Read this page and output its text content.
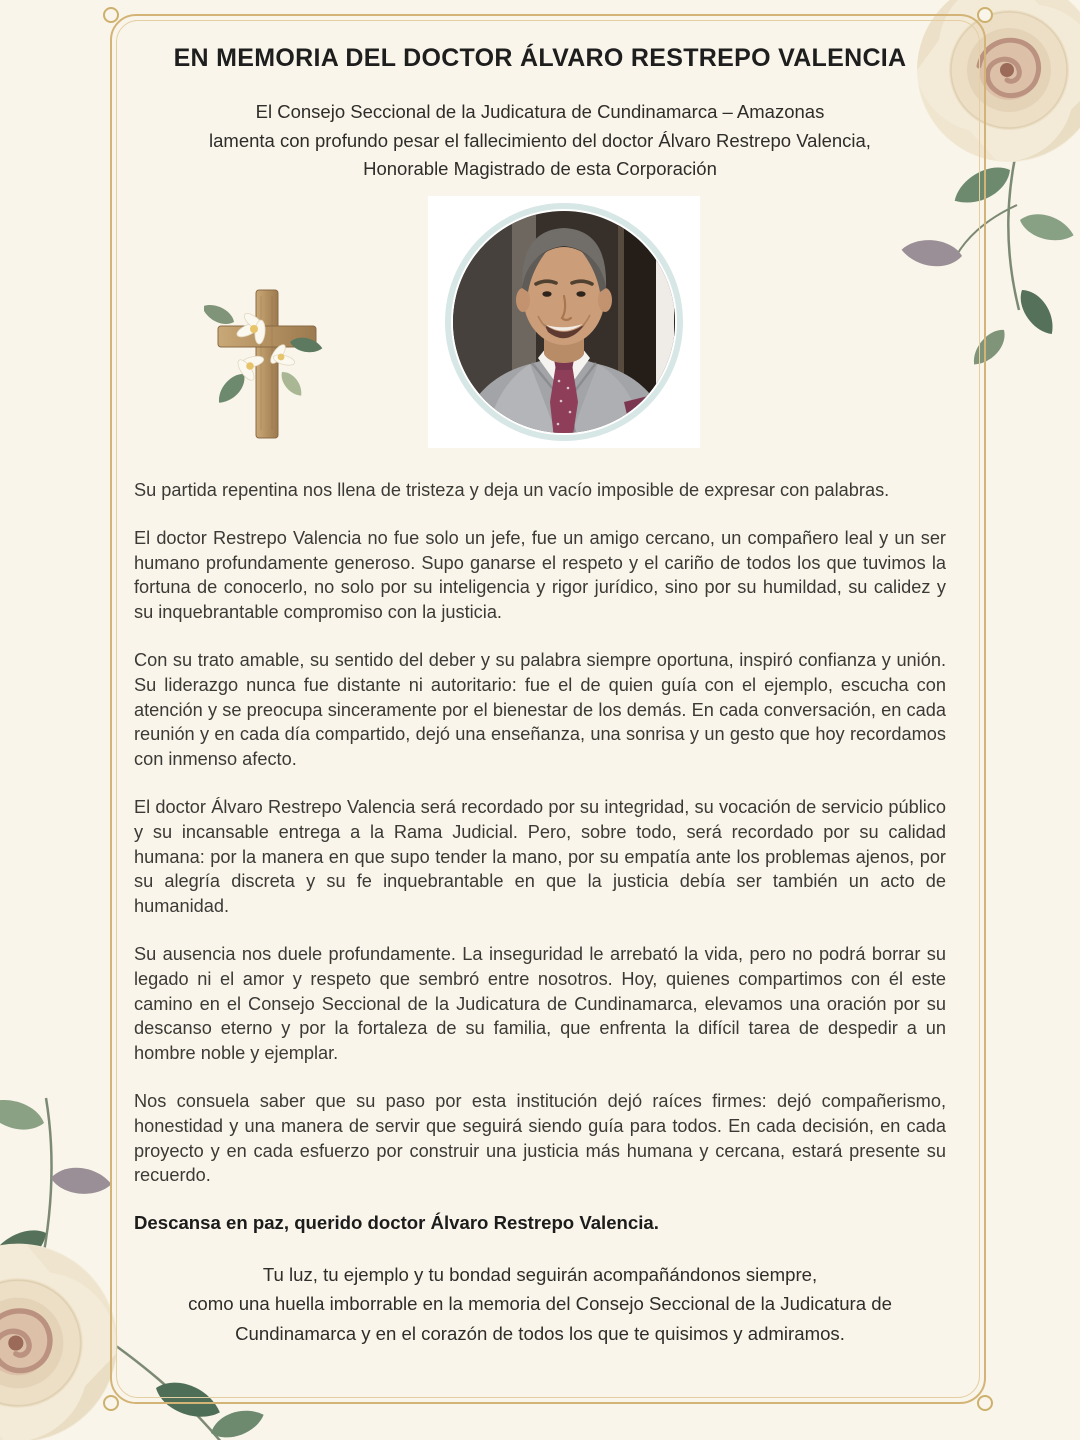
EN MEMORIA DEL DOCTOR ÁLVARO RESTREPO VALENCIA
El Consejo Seccional de la Judicatura de Cundinamarca – Amazonas
lamenta con profundo pesar el fallecimiento del doctor Álvaro Restrepo Valencia,
Honorable Magistrado de esta Corporación

Su partida repentina nos llena de tristeza y deja un vacío imposible de expresar con palabras.

El doctor Restrepo Valencia no fue solo un jefe, fue un amigo cercano, un compañero leal y un ser humano profundamente generoso. Supo ganarse el respeto y el cariño de todos los que tuvimos la fortuna de conocerlo, no solo por su inteligencia y rigor jurídico, sino por su humildad, su calidez y su inquebrantable compromiso con la justicia.

Con su trato amable, su sentido del deber y su palabra siempre oportuna, inspiró confianza y unión. Su liderazgo nunca fue distante ni autoritario: fue el de quien guía con el ejemplo, escucha con atención y se preocupa sinceramente por el bienestar de los demás. En cada conversación, en cada reunión y en cada día compartido, dejó una enseñanza, una sonrisa y un gesto que hoy recordamos con inmenso afecto.

El doctor Álvaro Restrepo Valencia será recordado por su integridad, su vocación de servicio público y su incansable entrega a la Rama Judicial. Pero, sobre todo, será recordado por su calidad humana: por la manera en que supo tender la mano, por su empatía ante los problemas ajenos, por su alegría discreta y su fe inquebrantable en que la justicia debía ser también un acto de humanidad.

Su ausencia nos duele profundamente. La inseguridad le arrebató la vida, pero no podrá borrar su legado ni el amor y respeto que sembró entre nosotros. Hoy, quienes compartimos con él este camino en el Consejo Seccional de la Judicatura de Cundinamarca, elevamos una oración por su descanso eterno y por la fortaleza de su familia, que enfrenta la difícil tarea de despedir a un hombre noble y ejemplar.

Nos consuela saber que su paso por esta institución dejó raíces firmes: dejó compañerismo, honestidad y una manera de servir que seguirá siendo guía para todos. En cada decisión, en cada proyecto y en cada esfuerzo por construir una justicia más humana y cercana, estará presente su recuerdo.

Descansa en paz, querido doctor Álvaro Restrepo Valencia.
Tu luz, tu ejemplo y tu bondad seguirán acompañándonos siempre,
como una huella imborrable en la memoria del Consejo Seccional de la Judicatura de
Cundinamarca y en el corazón de todos los que te quisimos y admiramos.
